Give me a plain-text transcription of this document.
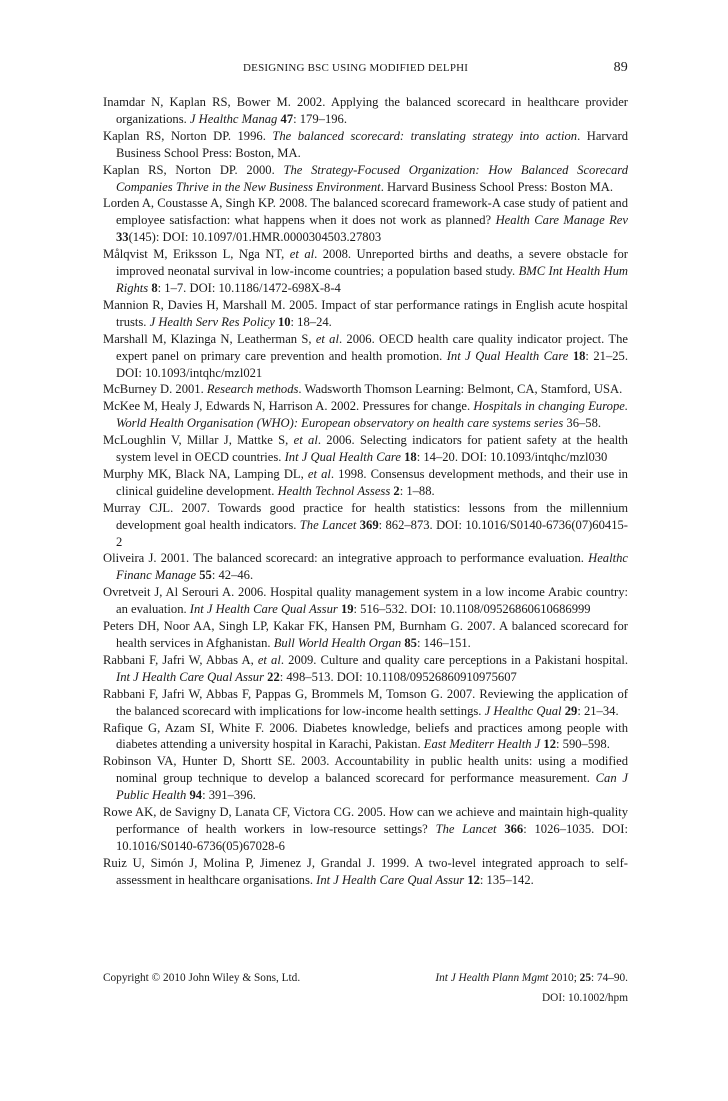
DESIGNING BSC USING MODIFIED DELPHI	89

Inamdar N, Kaplan RS, Bower M. 2002. Applying the balanced scorecard in healthcare provider organizations. J Healthc Manag 47: 179–196.

Kaplan RS, Norton DP. 1996. The balanced scorecard: translating strategy into action. Harvard Business School Press: Boston, MA.

Kaplan RS, Norton DP. 2000. The Strategy-Focused Organization: How Balanced Scorecard Companies Thrive in the New Business Environment. Harvard Business School Press: Boston MA.

Lorden A, Coustasse A, Singh KP. 2008. The balanced scorecard framework-A case study of patient and employee satisfaction: what happens when it does not work as planned? Health Care Manage Rev 33(145): DOI: 10.1097/01.HMR.0000304503.27803

Målqvist M, Eriksson L, Nga NT, et al. 2008. Unreported births and deaths, a severe obstacle for improved neonatal survival in low-income countries; a population based study. BMC Int Health Hum Rights 8: 1–7. DOI: 10.1186/1472-698X-8-4

Mannion R, Davies H, Marshall M. 2005. Impact of star performance ratings in English acute hospital trusts. J Health Serv Res Policy 10: 18–24.

Marshall M, Klazinga N, Leatherman S, et al. 2006. OECD health care quality indicator project. The expert panel on primary care prevention and health promotion. Int J Qual Health Care 18: 21–25. DOI: 10.1093/intqhc/mzl021

McBurney D. 2001. Research methods. Wadsworth Thomson Learning: Belmont, CA, Stamford, USA.

McKee M, Healy J, Edwards N, Harrison A. 2002. Pressures for change. Hospitals in changing Europe. World Health Organisation (WHO): European observatory on health care systems series 36–58.

McLoughlin V, Millar J, Mattke S, et al. 2006. Selecting indicators for patient safety at the health system level in OECD countries. Int J Qual Health Care 18: 14–20. DOI: 10.1093/intqhc/mzl030

Murphy MK, Black NA, Lamping DL, et al. 1998. Consensus development methods, and their use in clinical guideline development. Health Technol Assess 2: 1–88.

Murray CJL. 2007. Towards good practice for health statistics: lessons from the millennium development goal health indicators. The Lancet 369: 862–873. DOI: 10.1016/S0140-6736(07)60415-2

Oliveira J. 2001. The balanced scorecard: an integrative approach to performance evaluation. Healthc Financ Manage 55: 42–46.

Ovretveit J, Al Serouri A. 2006. Hospital quality management system in a low income Arabic country: an evaluation. Int J Health Care Qual Assur 19: 516–532. DOI: 10.1108/09526860610686999

Peters DH, Noor AA, Singh LP, Kakar FK, Hansen PM, Burnham G. 2007. A balanced scorecard for health services in Afghanistan. Bull World Health Organ 85: 146–151.

Rabbani F, Jafri W, Abbas A, et al. 2009. Culture and quality care perceptions in a Pakistani hospital. Int J Health Care Qual Assur 22: 498–513. DOI: 10.1108/09526860910975607

Rabbani F, Jafri W, Abbas F, Pappas G, Brommels M, Tomson G. 2007. Reviewing the application of the balanced scorecard with implications for low-income health settings. J Healthc Qual 29: 21–34.

Rafique G, Azam SI, White F. 2006. Diabetes knowledge, beliefs and practices among people with diabetes attending a university hospital in Karachi, Pakistan. East Mediterr Health J 12: 590–598.

Robinson VA, Hunter D, Shortt SE. 2003. Accountability in public health units: using a modified nominal group technique to develop a balanced scorecard for performance measurement. Can J Public Health 94: 391–396.

Rowe AK, de Savigny D, Lanata CF, Victora CG. 2005. How can we achieve and maintain high-quality performance of health workers in low-resource settings? The Lancet 366: 1026–1035. DOI: 10.1016/S0140-6736(05)67028-6

Ruiz U, Simón J, Molina P, Jimenez J, Grandal J. 1999. A two-level integrated approach to self-assessment in healthcare organisations. Int J Health Care Qual Assur 12: 135–142.

Copyright © 2010 John Wiley & Sons, Ltd.	Int J Health Plann Mgmt 2010; 25: 74–90.
DOI: 10.1002/hpm
